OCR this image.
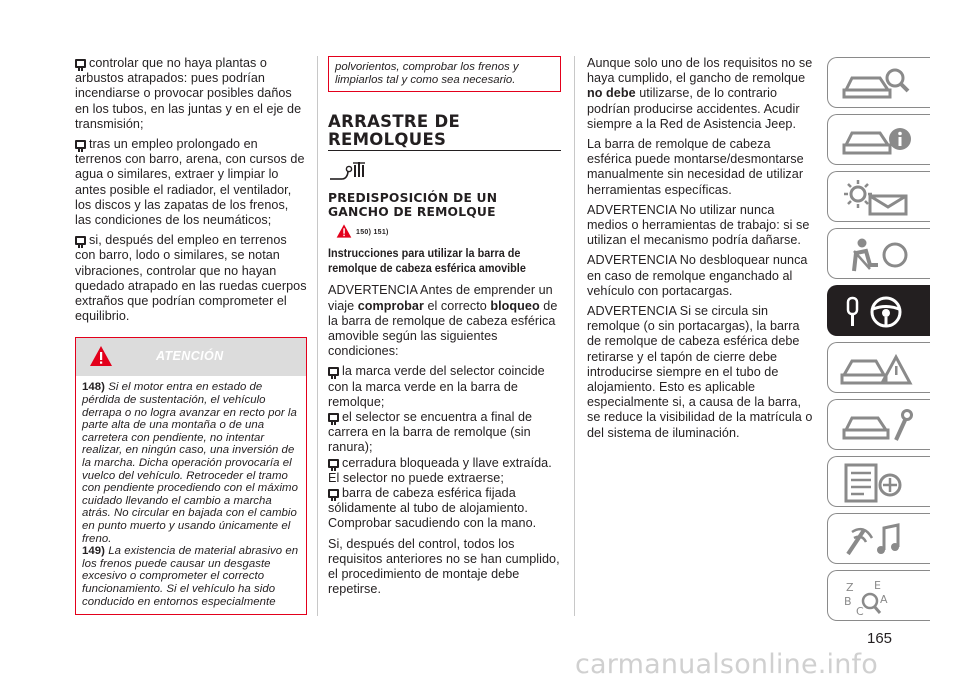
controlar que no haya plantas o arbustos atrapados: pues podrían incendiarse o provocar posibles daños en los tubos, en las juntas y en el eje de transmisión;

tras un empleo prolongado en terrenos con barro, arena, con cursos de agua o similares, extraer y limpiar lo antes posible el radiador, el ventilador, los discos y las zapatas de los frenos, las condiciones de los neumáticos;

si, después del empleo en terrenos con barro, lodo o similares, se notan vibraciones, controlar que no hayan quedado atrapado en las ruedas cuerpos extraños que podrían comprometer el equilibrio.

ATENCIÓN
148) Si el motor entra en estado de pérdida de sustentación, el vehículo derrapa o no logra avanzar en recto por la parte alta de una montaña o de una carretera con pendiente, no intentar realizar, en ningún caso, una inversión de la marcha. Dicha operación provocaría el vuelco del vehículo. Retroceder el tramo con pendiente procediendo con el máximo cuidado llevando el cambio a marcha atrás. No circular en bajada con el cambio en punto muerto y usando únicamente el freno.
149) La existencia de material abrasivo en los frenos puede causar un desgaste excesivo o comprometer el correcto funcionamiento. Si el vehículo ha sido conducido en entornos especialmente
polvorientos, comprobar los frenos y limpiarlos tal y como sea necesario.
ARRASTRE DE REMOLQUES
PREDISPOSICIÓN DE UN GANCHO DE REMOLQUE
150) 151)
Instrucciones para utilizar la barra de remolque de cabeza esférica amovible

ADVERTENCIA Antes de emprender un viaje comprobar el correcto bloqueo de la barra de remolque de cabeza esférica amovible según las siguientes condiciones:

la marca verde del selector coincide con la marca verde en la barra de remolque;
el selector se encuentra a final de carrera en la barra de remolque (sin ranura);
cerradura bloqueada y llave extraída.
El selector no puede extraerse;

barra de cabeza esférica fijada sólidamente al tubo de alojamiento. Comprobar sacudiendo con la mano.

Si, después del control, todos los requisitos anteriores no se han cumplido, el procedimiento de montaje debe repetirse.

Aunque solo uno de los requisitos no se haya cumplido, el gancho de remolque no debe utilizarse, de lo contrario podrían producirse accidentes. Acudir siempre a la Red de Asistencia Jeep.

La barra de remolque de cabeza esférica puede montarse/desmontarse manualmente sin necesidad de utilizar herramientas específicas.

ADVERTENCIA No utilizar nunca medios o herramientas de trabajo: si se utilizan el mecanismo podría dañarse.

ADVERTENCIA No desbloquear nunca en caso de remolque enganchado al vehículo con portacargas.

ADVERTENCIA Si se circula sin remolque (o sin portacargas), la barra de remolque de cabeza esférica debe retirarse y el tapón de cierre debe introducirse siempre en el tubo de alojamiento. Esto es aplicable especialmente si, a causa de la barra, se reduce la visibilidad de la matrícula o del sistema de iluminación.

Z E
B	A
C
165
carmanualsonline.info
